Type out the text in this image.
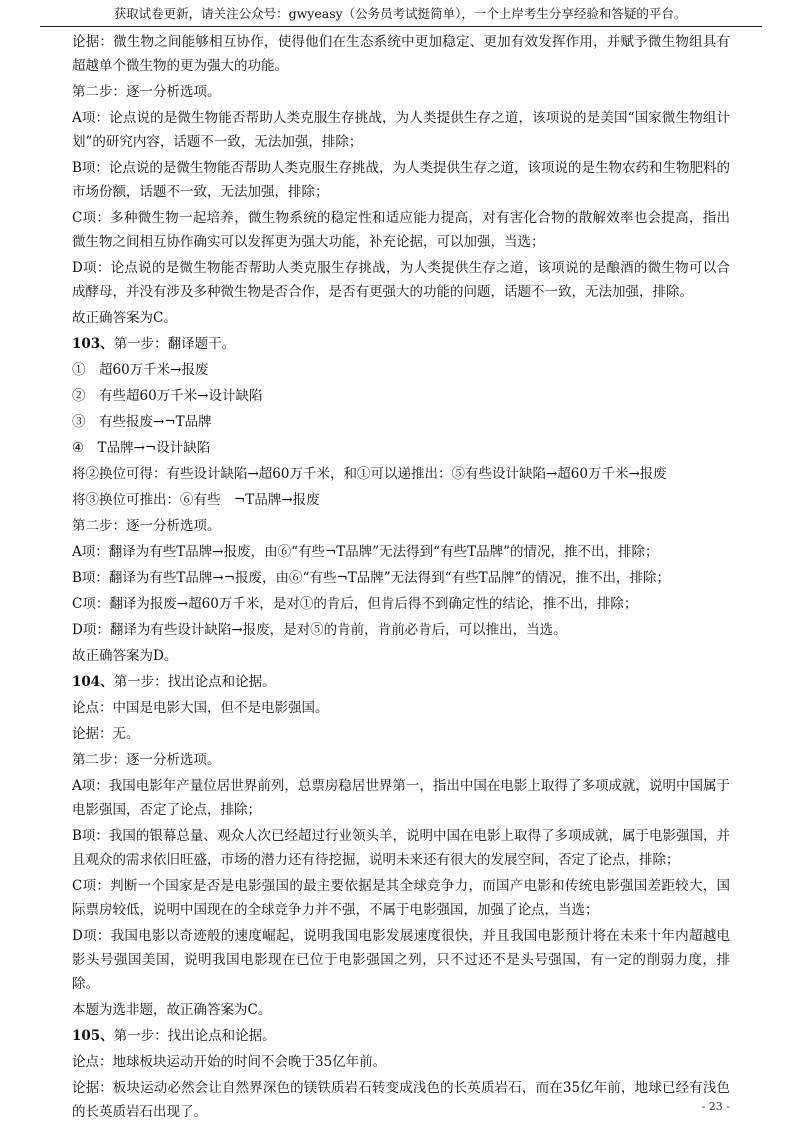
获取试卷更新，请关注公众号：gwyeasy（公务员考试挺简单），一个上岸考生分享经验和答疑的平台。
论据：微生物之间能够相互协作，使得他们在生态系统中更加稳定、更加有效发挥作用，并赋予微生物组具有超越单个微生物的更为强大的功能。
第二步：逐一分析选项。
A项：论点说的是微生物能否帮助人类克服生存挑战，为人类提供生存之道，该项说的是美国“国家微生物组计划”的研究内容，话题不一致，无法加强，排除；
B项：论点说的是微生物能否帮助人类克服生存挑战，为人类提供生存之道，该项说的是生物农药和生物肥料的市场份额，话题不一致，无法加强，排除；
C项：多种微生物一起培养，微生物系统的稳定性和适应能力提高，对有害化合物的散解效率也会提高，指出微生物之间相互协作确实可以发挥更为强大功能，补充论据，可以加强，当选；
D项：论点说的是微生物能否帮助人类克服生存挑战，为人类提供生存之道，该项说的是酿酒的微生物可以合成酵母，并没有涉及多种微生物是否合作，是否有更强大的功能的问题，话题不一致，无法加强，排除。
故正确答案为C。
103、第一步：翻译题干。
①　超60万千米→报废
②　有些超60万千米→设计缺陷
③　有些报废→¬T品牌
④　T品牌→¬设计缺陷
将②换位可得：有些设计缺陷→超60万千米，和①可以递推出：⑤有些设计缺陷→超60万千米→报废
将③换位可推出：⑥有些　¬T品牌→报废
第二步：逐一分析选项。
A项：翻译为有些T品牌→报废，由⑥“有些¬T品牌”无法得到“有些T品牌”的情况，推不出，排除；
B项：翻译为有些T品牌→¬报废，由⑥“有些¬T品牌”无法得到“有些T品牌”的情况，推不出，排除；
C项：翻译为报废→超60万千米，是对①的肯后，但肯后得不到确定性的结论，推不出，排除；
D项：翻译为有些设计缺陷→报废，是对⑤的肯前，肯前必肯后，可以推出，当选。
故正确答案为D。
104、第一步：找出论点和论据。
论点：中国是电影大国，但不是电影强国。
论据：无。
第二步：逐一分析选项。
A项：我国电影年产量位居世界前列，总票房稳居世界第一，指出中国在电影上取得了多项成就，说明中国属于电影强国，否定了论点，排除；
B项：我国的银幕总量、观众人次已经超过行业领头羊，说明中国在电影上取得了多项成就，属于电影强国，并且观众的需求依旧旺盛，市场的潜力还有待挖掘，说明未来还有很大的发展空间，否定了论点，排除；
C项：判断一个国家是否是电影强国的最主要依据是其全球竞争力，而国产电影和传统电影强国差距较大，国际票房较低，说明中国现在的全球竞争力并不强，不属于电影强国，加强了论点，当选；
D项：我国电影以奇迹般的速度崛起，说明我国电影发展速度很快，并且我国电影预计将在未来十年内超越电影头号强国美国，说明我国电影现在已位于电影强国之列，只不过还不是头号强国，有一定的削弱力度，排除。
本题为选非题，故正确答案为C。
105、第一步：找出论点和论据。
论点：地球板块运动开始的时间不会晚于35亿年前。
论据：板块运动必然会让自然界深色的镁铁质岩石转变成浅色的长英质岩石，而在35亿年前，地球已经有浅色的长英质岩石出现了。	- 23 -
